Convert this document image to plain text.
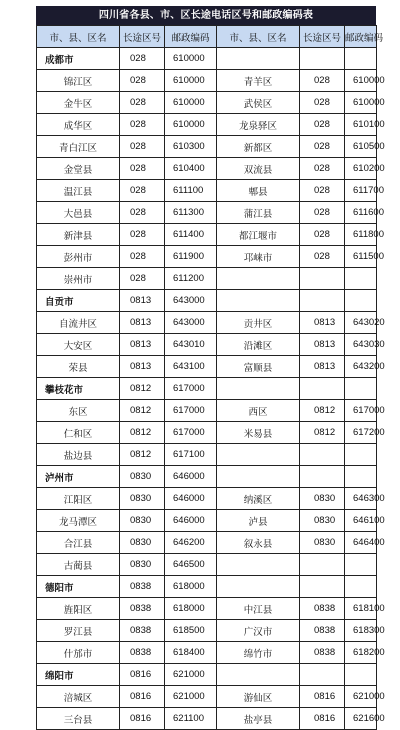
四川省各县、市、区长途电话区号和邮政编码表
市、县、区名	长途区号	邮政编码	市、县、区名	长途区号	邮政编码
成都市	028	610000			
锦江区	028	610000	青羊区	028	610000
金牛区	028	610000	武侯区	028	610000
成华区	028	610000	龙泉驿区	028	610100
青白江区	028	610300	新都区	028	610500
金堂县	028	610400	双流县	028	610200
温江县	028	611100	郫县	028	611700
大邑县	028	611300	蒲江县	028	611600
新津县	028	611400	都江堰市	028	611800
彭州市	028	611900	邛崃市	028	611500
崇州市	028	611200			
自贡市	0813	643000			
自流井区	0813	643000	贡井区	0813	643020
大安区	0813	643010	沿滩区	0813	643030
荣县	0813	643100	富顺县	0813	643200
攀枝花市	0812	617000			
东区	0812	617000	西区	0812	617000
仁和区	0812	617000	米易县	0812	617200
盐边县	0812	617100			
泸州市	0830	646000			
江阳区	0830	646000	纳溪区	0830	646300
龙马潭区	0830	646000	泸县	0830	646100
合江县	0830	646200	叙永县	0830	646400
古蔺县	0830	646500			
德阳市	0838	618000			
旌阳区	0838	618000	中江县	0838	618100
罗江县	0838	618500	广汉市	0838	618300
什邡市	0838	618400	绵竹市	0838	618200
绵阳市	0816	621000			
涪城区	0816	621000	游仙区	0816	621000
三台县	0816	621100	盐亭县	0816	621600
